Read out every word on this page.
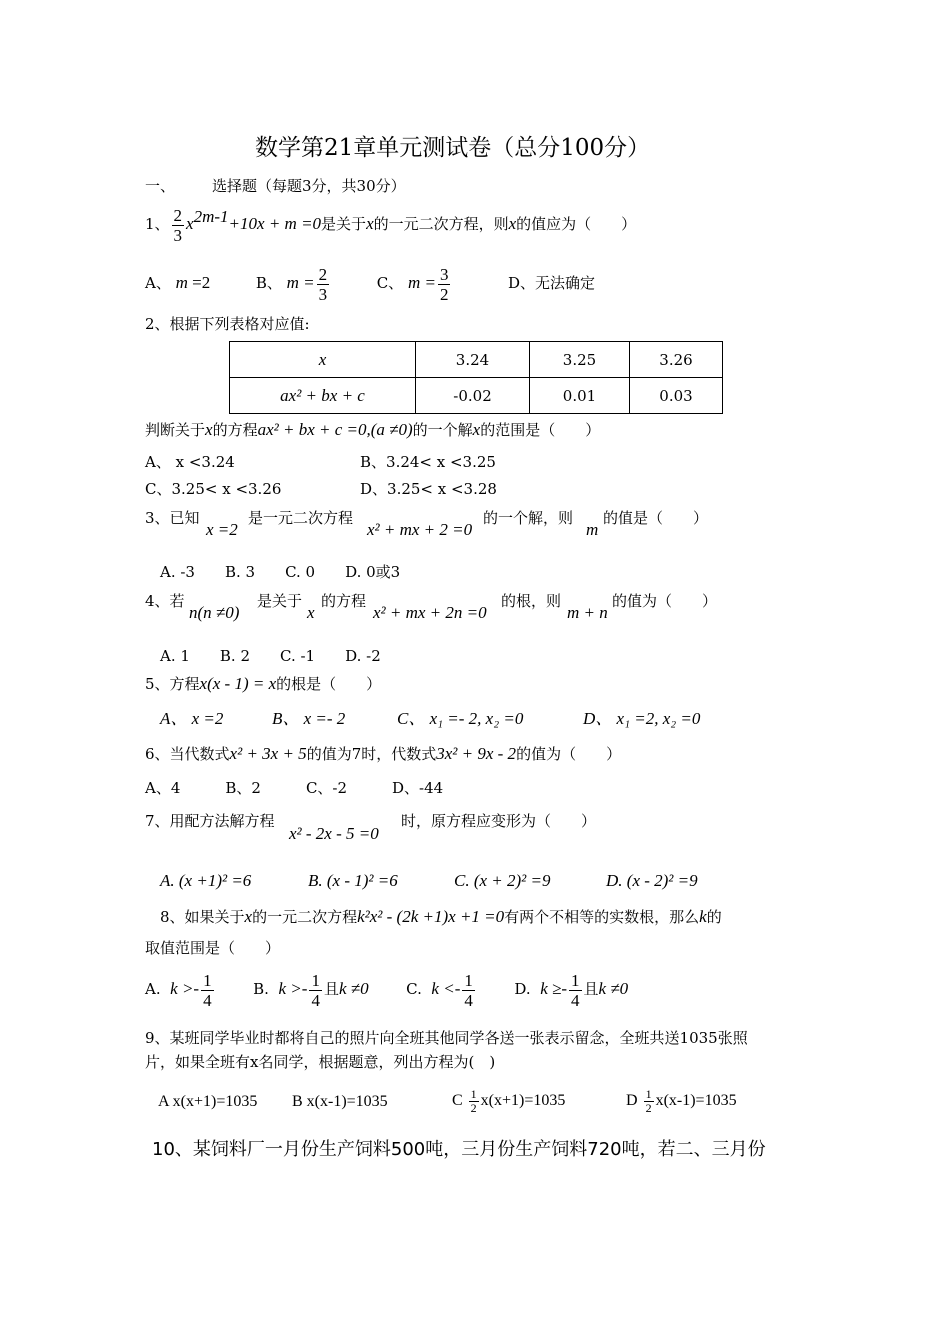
数学第21章单元测试卷（总分100分）
一、 选择题（每题3分，共30分）
1、 $\frac{2}{3} x^{2m-1}+10x + m =0$是关于x的一元二次方程，则x的值应为（　　）
A、 m =2	B、 $m = \frac{2}{3}$	C、 $m = \frac{3}{2}$	D、无法确定
2、根据下列表格对应值:
x	3.24	3.25	3.26
ax² + bx + c	-0.02	0.01	0.03
判断关于x的方程ax² + bx + c =0,(a ≠0)的一个解x的范围是（　　）
A、 x <3.24	B、3.24< x <3.25
C、3.25< x <3.26	D、3.25< x <3.28
3、已知
x =2
是一元二次方程
x² + mx + 2 =0
的一个解，则
m
的值是（　　）
A. -3　　B. 3　　C. 0　　D. 0或3
4、若
n(n ≠0)
是关于
x
的方程
x² + mx + 2n =0
的根，则
m + n
的值为（　　）
A. 1　　B. 2　　C. -1　　D. -2
5、方程x(x - 1) = x的根是（　　）
A、 x =2	B、 x =- 2	C、 x₁ =- 2, x₂ =0	D、 x₁ =2, x₂ =0
6、当代数式x² + 3x + 5的值为7时，代数式3x² + 9x - 2的值为（　　）
A、4　　　B、2　　　C、-2　　　D、-44
7、用配方法解方程
x² - 2x - 5 =0
时，原方程应变形为（　　）
A. (x +1)² =6	B. (x - 1)² =6	C. (x + 2)² =9	D. (x - 2)² =9
8、如果关于x的一元二次方程k²x² - (2k +1)x +1 =0有两个不相等的实数根，那么k的
取值范围是（　　）
A. $k >- \frac{1}{4}$	B. $k >- \frac{1}{4}$ 且k ≠0	C. $k <- \frac{1}{4}$	D. $k \ge- \frac{1}{4}$ 且k ≠0
9、某班同学毕业时都将自己的照片向全班其他同学各送一张表示留念，全班共送1035张照
片，如果全班有x名同学，根据题意，列出方程为(　)
A x(x+1)=1035 B x(x-1)=1035	C $\frac{1}{2} x(x+1)=1035$	D $\frac{1}{2} x(x-1)=1035$
10、某饲料厂一月份生产饲料500吨，三月份生产饲料720吨，若二、三月份
